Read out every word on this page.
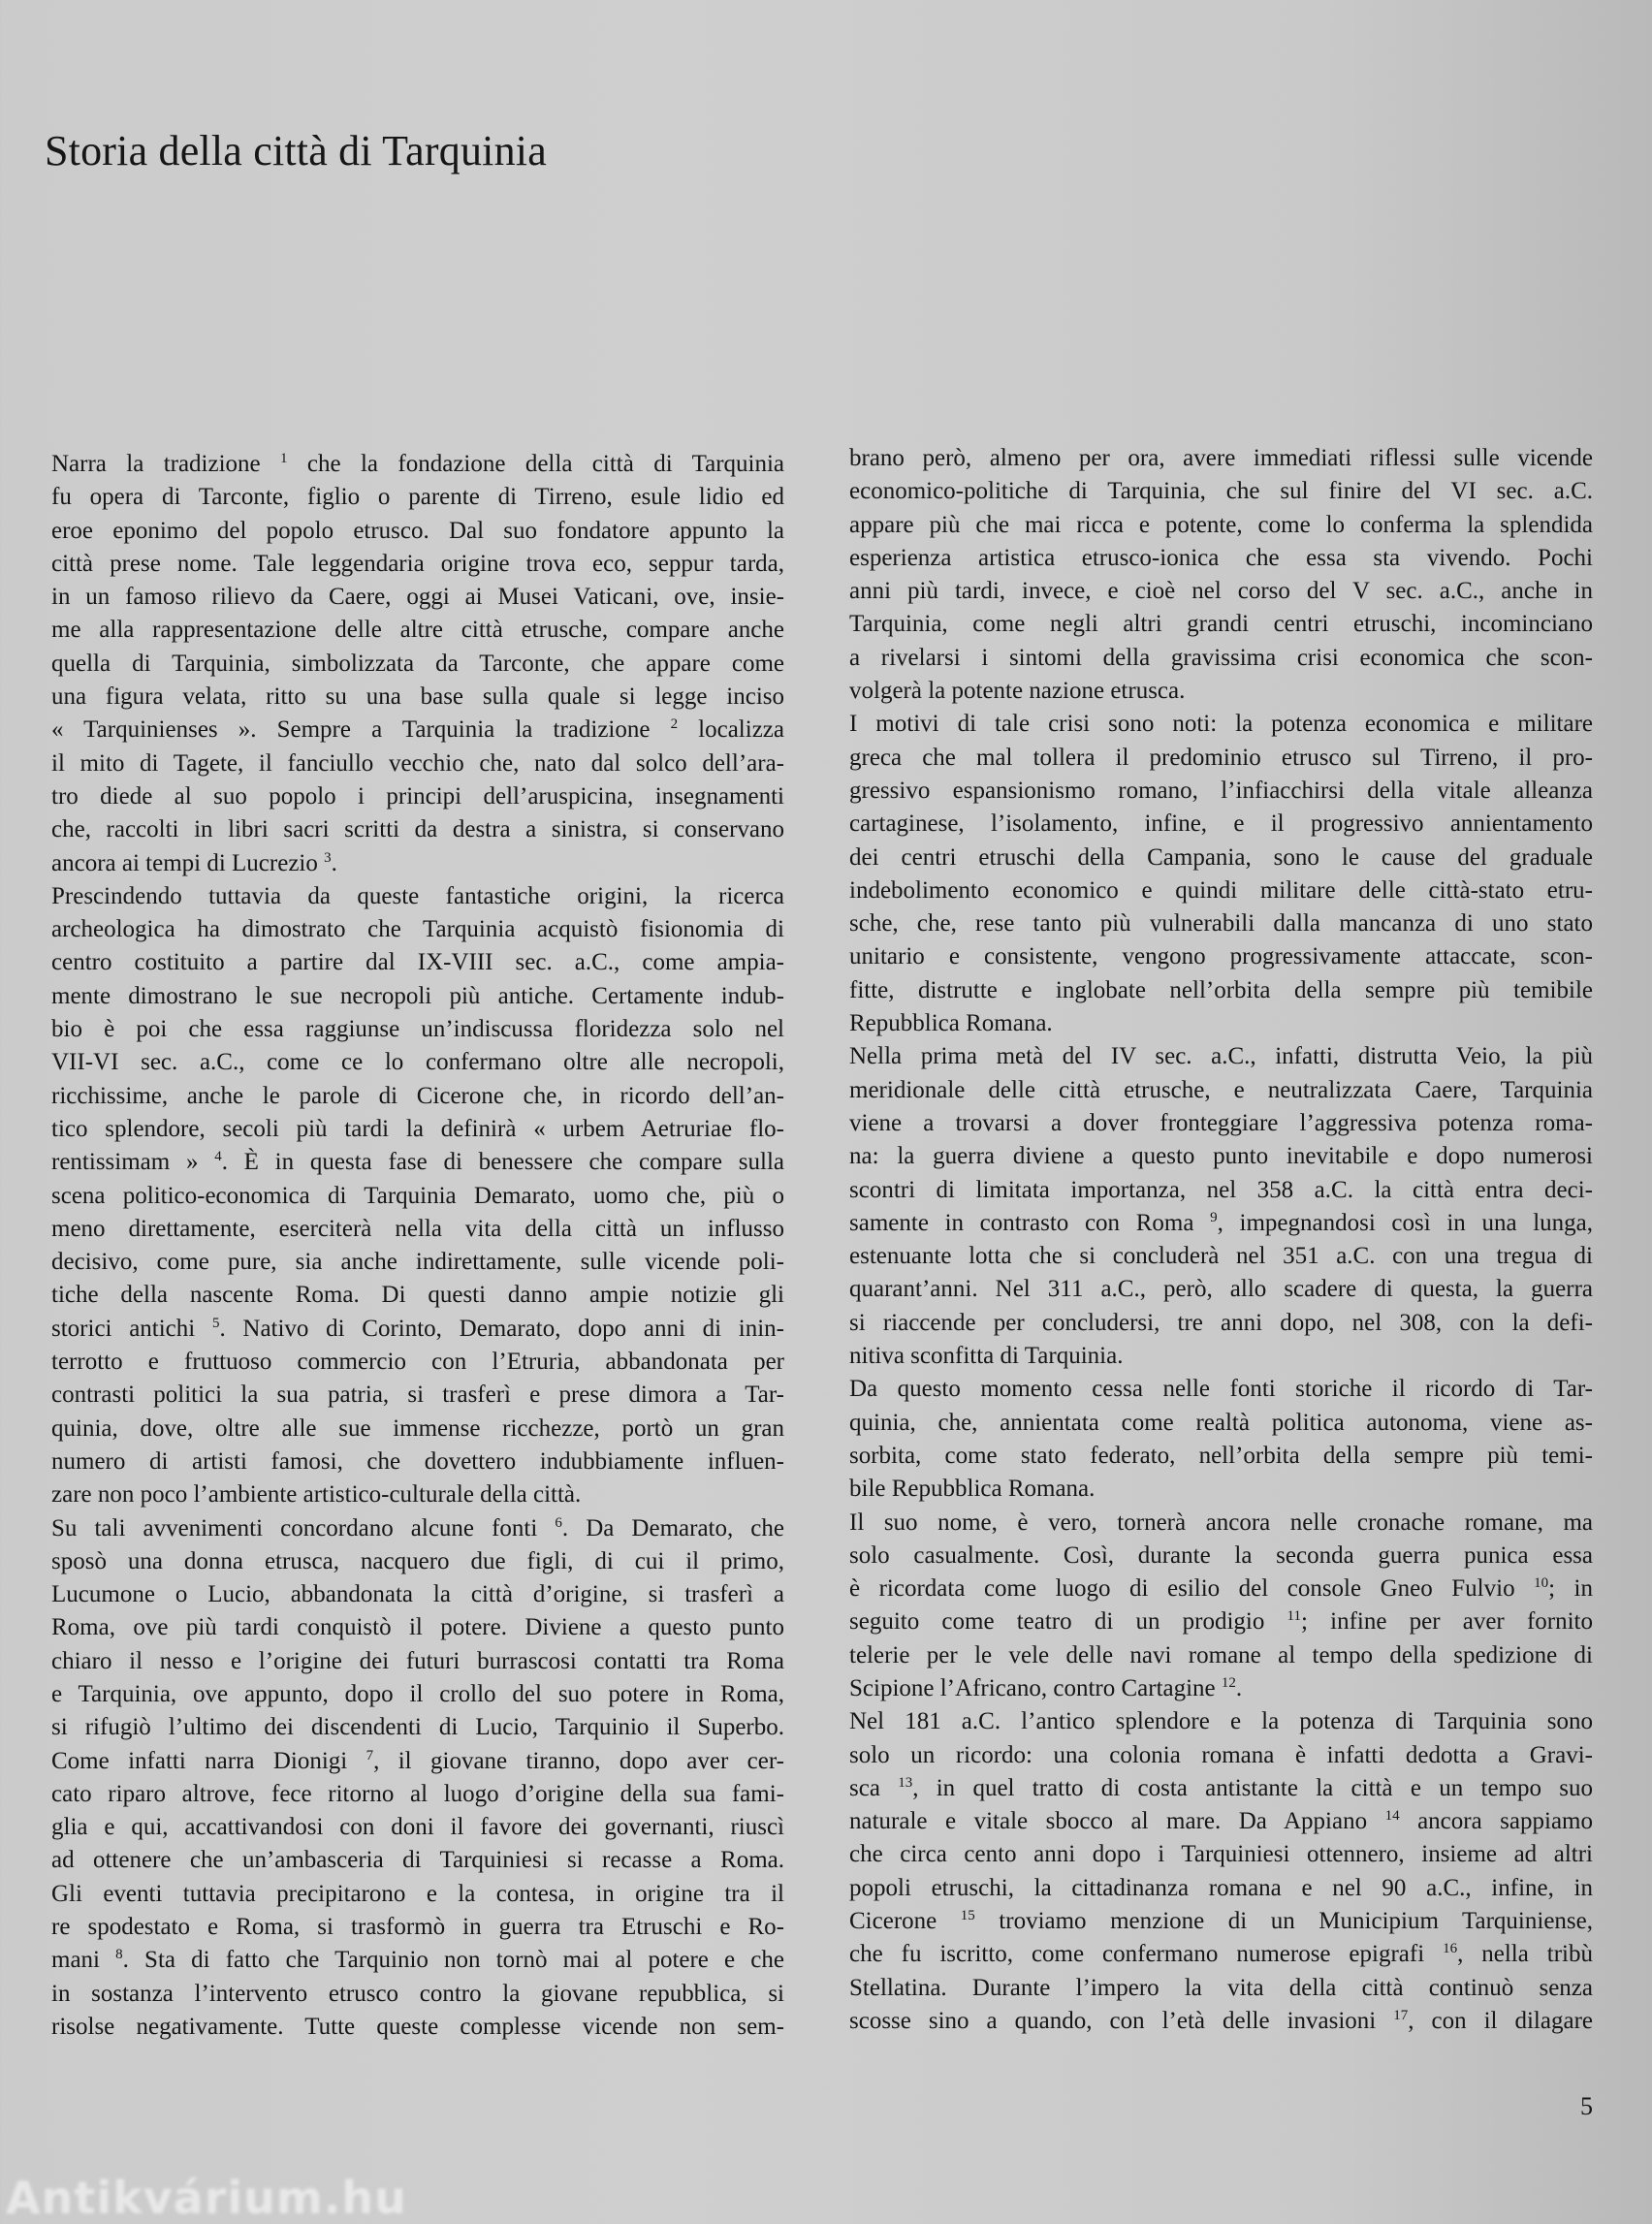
Storia della città di Tarquinia
Narra la tradizione $^1$ che la fondazione della città di Tarquinia
fu opera di Tarconte, figlio o parente di Tirreno, esule lidio ed
eroe eponimo del popolo etrusco. Dal suo fondatore appunto la
città prese nome. Tale leggendaria origine trova eco, seppur tarda,
in un famoso rilievo da Caere, oggi ai Musei Vaticani, ove, insie-
me alla rappresentazione delle altre città etrusche, compare anche
quella di Tarquinia, simbolizzata da Tarconte, che appare come
una figura velata, ritto su una base sulla quale si legge inciso
« Tarquinienses ». Sempre a Tarquinia la tradizione $^2$ localizza
il mito di Tagete, il fanciullo vecchio che, nato dal solco dell’ara-
tro diede al suo popolo i principi dell’aruspicina, insegnamenti
che, raccolti in libri sacri scritti da destra a sinistra, si conservano
ancora ai tempi di Lucrezio $^3$.
Prescindendo tuttavia da queste fantastiche origini, la ricerca
archeologica ha dimostrato che Tarquinia acquistò fisionomia di
centro costituito a partire dal IX-VIII sec. a.C., come ampia-
mente dimostrano le sue necropoli più antiche. Certamente indub-
bio è poi che essa raggiunse un’indiscussa floridezza solo nel
VII-VI sec. a.C., come ce lo confermano oltre alle necropoli,
ricchissime, anche le parole di Cicerone che, in ricordo dell’an-
tico splendore, secoli più tardi la definirà « urbem Aetruriae flo-
rentissimam » $^4$. È in questa fase di benessere che compare sulla
scena politico-economica di Tarquinia Demarato, uomo che, più o
meno direttamente, eserciterà nella vita della città un influsso
decisivo, come pure, sia anche indirettamente, sulle vicende poli-
tiche della nascente Roma. Di questi danno ampie notizie gli
storici antichi $^5$. Nativo di Corinto, Demarato, dopo anni di inin-
terrotto e fruttuoso commercio con l’Etruria, abbandonata per
contrasti politici la sua patria, si trasferì e prese dimora a Tar-
quinia, dove, oltre alle sue immense ricchezze, portò un gran
numero di artisti famosi, che dovettero indubbiamente influen-
zare non poco l’ambiente artistico-culturale della città.
Su tali avvenimenti concordano alcune fonti $^6$. Da Demarato, che
sposò una donna etrusca, nacquero due figli, di cui il primo,
Lucumone o Lucio, abbandonata la città d’origine, si trasferì a
Roma, ove più tardi conquistò il potere. Diviene a questo punto
chiaro il nesso e l’origine dei futuri burrascosi contatti tra Roma
e Tarquinia, ove appunto, dopo il crollo del suo potere in Roma,
si rifugiò l’ultimo dei discendenti di Lucio, Tarquinio il Superbo.
Come infatti narra Dionigi $^7$, il giovane tiranno, dopo aver cer-
cato riparo altrove, fece ritorno al luogo d’origine della sua fami-
glia e qui, accattivandosi con doni il favore dei governanti, riuscì
ad ottenere che un’ambasceria di Tarquiniesi si recasse a Roma.
Gli eventi tuttavia precipitarono e la contesa, in origine tra il
re spodestato e Roma, si trasformò in guerra tra Etruschi e Ro-
mani $^8$. Sta di fatto che Tarquinio non tornò mai al potere e che
in sostanza l’intervento etrusco contro la giovane repubblica, si
risolse negativamente. Tutte queste complesse vicende non sem-
brano però, almeno per ora, avere immediati riflessi sulle vicende
economico-politiche di Tarquinia, che sul finire del VI sec. a.C.
appare più che mai ricca e potente, come lo conferma la splendida
esperienza artistica etrusco-ionica che essa sta vivendo. Pochi
anni più tardi, invece, e cioè nel corso del V sec. a.C., anche in
Tarquinia, come negli altri grandi centri etruschi, incominciano
a rivelarsi i sintomi della gravissima crisi economica che scon-
volgerà la potente nazione etrusca.
I motivi di tale crisi sono noti: la potenza economica e militare
greca che mal tollera il predominio etrusco sul Tirreno, il pro-
gressivo espansionismo romano, l’infiacchirsi della vitale alleanza
cartaginese, l’isolamento, infine, e il progressivo annientamento
dei centri etruschi della Campania, sono le cause del graduale
indebolimento economico e quindi militare delle città-stato etru-
sche, che, rese tanto più vulnerabili dalla mancanza di uno stato
unitario e consistente, vengono progressivamente attaccate, scon-
fitte, distrutte e inglobate nell’orbita della sempre più temibile
Repubblica Romana.
Nella prima metà del IV sec. a.C., infatti, distrutta Veio, la più
meridionale delle città etrusche, e neutralizzata Caere, Tarquinia
viene a trovarsi a dover fronteggiare l’aggressiva potenza roma-
na: la guerra diviene a questo punto inevitabile e dopo numerosi
scontri di limitata importanza, nel 358 a.C. la città entra deci-
samente in contrasto con Roma $^9$, impegnandosi così in una lunga,
estenuante lotta che si concluderà nel 351 a.C. con una tregua di
quarant’anni. Nel 311 a.C., però, allo scadere di questa, la guerra
si riaccende per concludersi, tre anni dopo, nel 308, con la defi-
nitiva sconfitta di Tarquinia.
Da questo momento cessa nelle fonti storiche il ricordo di Tar-
quinia, che, annientata come realtà politica autonoma, viene as-
sorbita, come stato federato, nell’orbita della sempre più temi-
bile Repubblica Romana.
Il suo nome, è vero, tornerà ancora nelle cronache romane, ma
solo casualmente. Così, durante la seconda guerra punica essa
è ricordata come luogo di esilio del console Gneo Fulvio $^{10}$; in
seguito come teatro di un prodigio $^{11}$; infine per aver fornito
telerie per le vele delle navi romane al tempo della spedizione di
Scipione l’Africano, contro Cartagine $^{12}$.
Nel 181 a.C. l’antico splendore e la potenza di Tarquinia sono
solo un ricordo: una colonia romana è infatti dedotta a Gravi-
sca $^{13}$, in quel tratto di costa antistante la città e un tempo suo
naturale e vitale sbocco al mare. Da Appiano $^{14}$ ancora sappiamo
che circa cento anni dopo i Tarquiniesi ottennero, insieme ad altri
popoli etruschi, la cittadinanza romana e nel 90 a.C., infine, in
Cicerone $^{15}$ troviamo menzione di un Municipium Tarquiniense,
che fu iscritto, come confermano numerose epigrafi $^{16}$, nella tribù
Stellatina. Durante l’impero la vita della città continuò senza
scosse sino a quando, con l’età delle invasioni $^{17}$, con il dilagare
5
Antikvárium.hu
